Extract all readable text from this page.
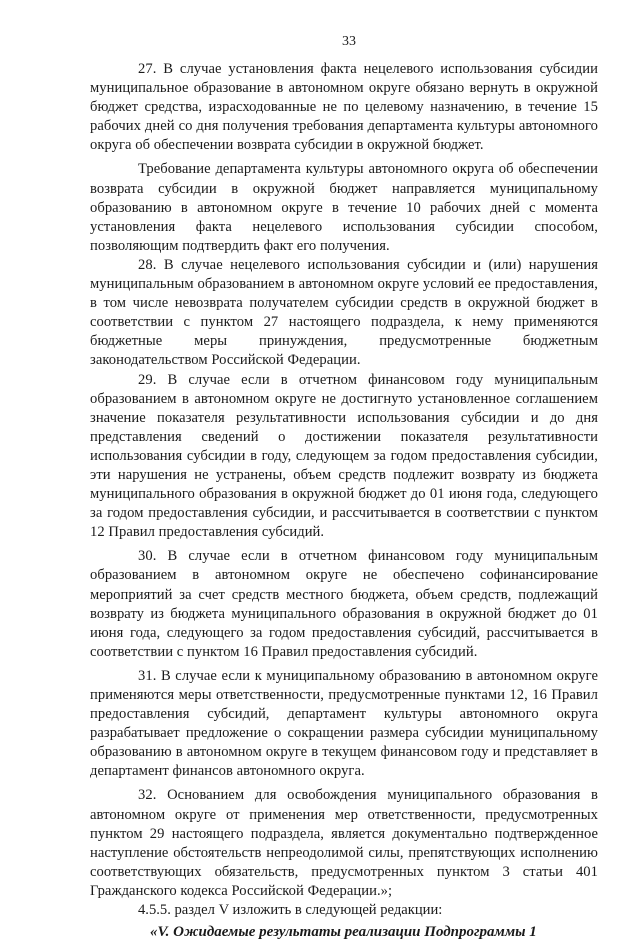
33

27. В случае установления факта нецелевого использования субсидии муниципальное образование в автономном округе обязано вернуть в окружной бюджет средства, израсходованные не по целевому назначению, в течение 15 рабочих дней со дня получения требования департамента культуры автономного округа об обеспечении возврата субсидии в окружной бюджет.

Требование департамента культуры автономного округа об обеспечении возврата субсидии в окружной бюджет направляется муниципальному образованию в автономном округе в течение 10 рабочих дней с момента установления факта нецелевого использования субсидии способом, позволяющим подтвердить факт его получения.

28. В случае нецелевого использования субсидии и (или) нарушения муниципальным образованием в автономном округе условий ее предоставления, в том числе невозврата получателем субсидии средств в окружной бюджет в соответствии с пунктом 27 настоящего подраздела, к нему применяются бюджетные меры принуждения, предусмотренные бюджетным законодательством Российской Федерации.

29. В случае если в отчетном финансовом году муниципальным образованием в автономном округе не достигнуто установленное соглашением значение показателя результативности использования субсидии и до дня представления сведений о достижении показателя результативности использования субсидии в году, следующем за годом предоставления субсидии, эти нарушения не устранены, объем средств подлежит возврату из бюджета муниципального образования в окружной бюджет до 01 июня года, следующего за годом предоставления субсидии, и рассчитывается в соответствии с пунктом 12 Правил предоставления субсидий.

30. В случае если в отчетном финансовом году муниципальным образованием в автономном округе не обеспечено софинансирование мероприятий за счет средств местного бюджета, объем средств, подлежащий возврату из бюджета муниципального образования в окружной бюджет до 01 июня года, следующего за годом предоставления субсидий, рассчитывается в соответствии с пунктом 16 Правил предоставления субсидий.

31. В случае если к муниципальному образованию в автономном округе применяются меры ответственности, предусмотренные пунктами 12, 16 Правил предоставления субсидий, департамент культуры автономного округа разрабатывает предложение о сокращении размера субсидии муниципальному образованию в автономном округе в текущем финансовом году и представляет в департамент финансов автономного округа.

32. Основанием для освобождения муниципального образования в автономном округе от применения мер ответственности, предусмотренных пунктом 29 настоящего подраздела, является документально подтвержденное наступление обстоятельств непреодолимой силы, препятствующих исполнению соответствующих обязательств, предусмотренных пунктом 3 статьи 401 Гражданского кодекса Российской Федерации.»;

4.5.5. раздел V изложить в следующей редакции:

«V. Ожидаемые результаты реализации Подпрограммы 1
